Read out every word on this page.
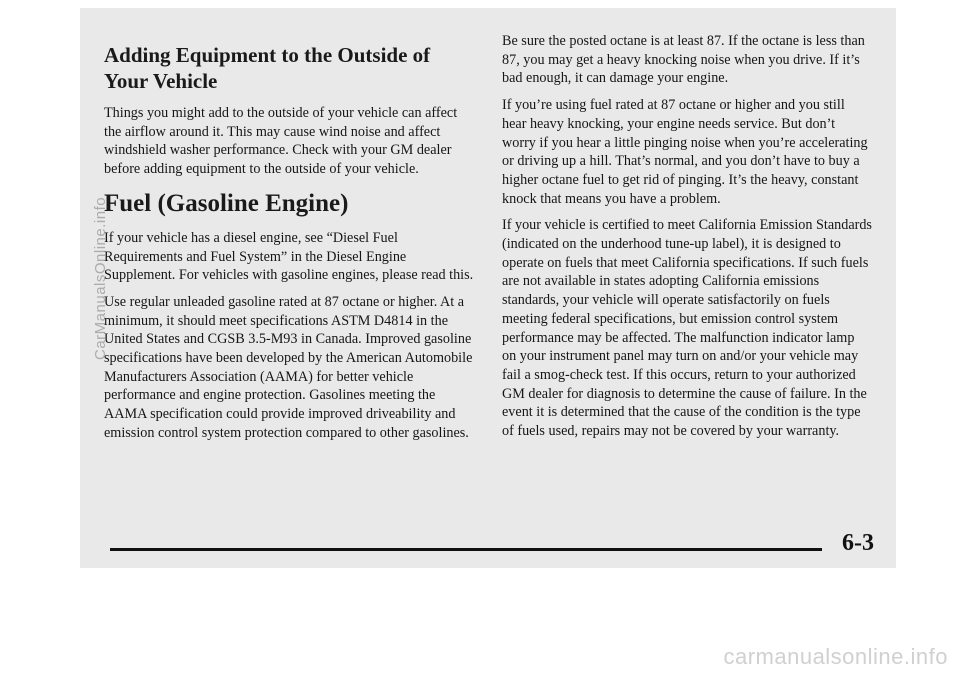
Adding Equipment to the Outside of Your Vehicle

Things you might add to the outside of your vehicle can affect the airflow around it. This may cause wind noise and affect windshield washer performance. Check with your GM dealer before adding equipment to the outside of your vehicle.

Fuel (Gasoline Engine)

If your vehicle has a diesel engine, see “Diesel Fuel Requirements and Fuel System” in the Diesel Engine Supplement. For vehicles with gasoline engines, please read this.

Use regular unleaded gasoline rated at 87 octane or higher. At a minimum, it should meet specifications ASTM D4814 in the United States and CGSB 3.5-M93 in Canada. Improved gasoline specifications have been developed by the American Automobile Manufacturers Association (AAMA) for better vehicle performance and engine protection. Gasolines meeting the AAMA specification could provide improved driveability and emission control system protection compared to other gasolines.

Be sure the posted octane is at least 87. If the octane is less than 87, you may get a heavy knocking noise when you drive. If it’s bad enough, it can damage your engine.

If you’re using fuel rated at 87 octane or higher and you still hear heavy knocking, your engine needs service. But don’t worry if you hear a little pinging noise when you’re accelerating or driving up a hill. That’s normal, and you don’t have to buy a higher octane fuel to get rid of pinging. It’s the heavy, constant knock that means you have a problem.

If your vehicle is certified to meet California Emission Standards (indicated on the underhood tune-up label), it is designed to operate on fuels that meet California specifications. If such fuels are not available in states adopting California emissions standards, your vehicle will operate satisfactorily on fuels meeting federal specifications, but emission control system performance may be affected. The malfunction indicator lamp on your instrument panel may turn on and/or your vehicle may fail a smog-check test. If this occurs, return to your authorized GM dealer for diagnosis to determine the cause of failure. In the event it is determined that the cause of the condition is the type of fuels used, repairs may not be covered by your warranty.

6-3
CarManualsOnline.info
carmanualsonline.info
